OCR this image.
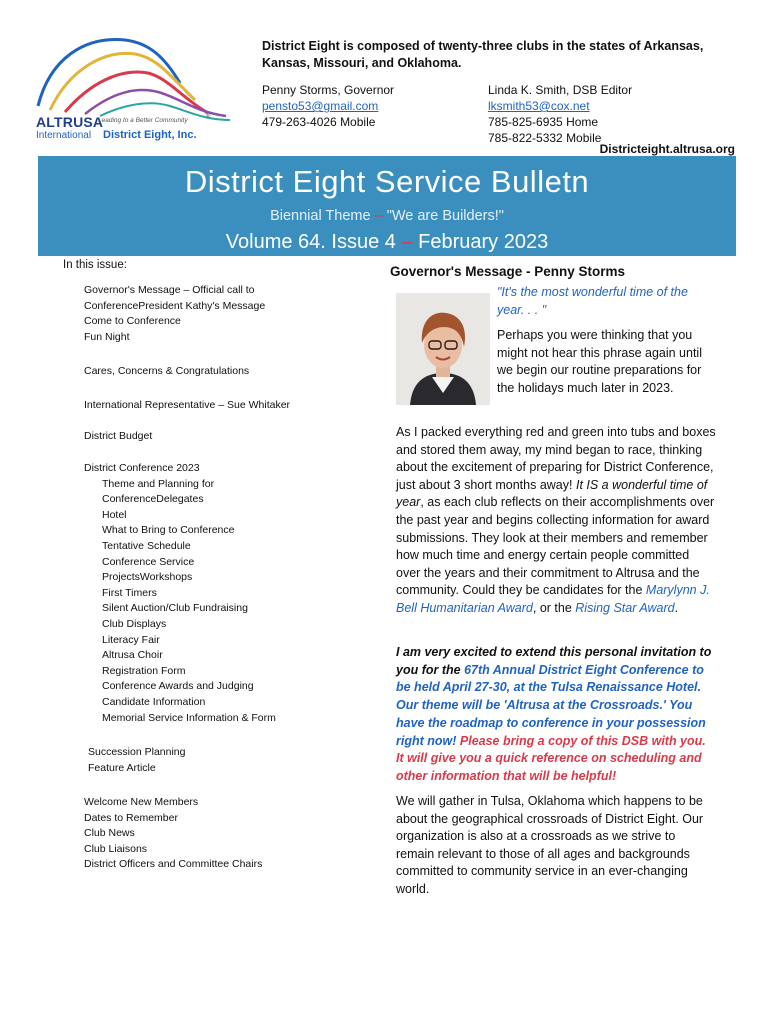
ALTRUSA
Leading to a Better Community	®
International District Eight, Inc.
District Eight is composed of twenty-three clubs in the states of Arkansas, Kansas, Missouri, and Oklahoma.
Penny Storms, Governor
pensto53@gmail.com
479-263-4026 Mobile
Linda K. Smith, DSB Editor
lksmith53@cox.net
785-825-6935 Home
785-822-5332 Mobile
Districteight.altrusa.org
District Eight Service Bulletn
Biennial Theme – "We are Builders!"
Volume 64. Issue 4 – February 2023
In this issue:
Governor's Message – Official call to
ConferencePresident Kathy's Message
Come to Conference
Fun Night
Cares, Concerns & Congratulations
International Representative – Sue Whitaker
District Budget
District Conference 2023
Theme and Planning for
ConferenceDelegates
Hotel
What to Bring to Conference
Tentative Schedule
Conference Service
ProjectsWorkshops
First Timers
Silent Auction/Club Fundraising
Club Displays
Literacy Fair
Altrusa Choir
Registration Form
Conference Awards and Judging
Candidate Information
Memorial Service Information & Form
Succession Planning
Feature Article
Welcome New Members
Dates to Remember
Club News
Club Liaisons
District Officers and Committee Chairs
Governor's Message - Penny Storms
"It's the most wonderful time of the year. . . "
Perhaps you were thinking that you might not hear this phrase again until we begin our routine preparations for the holidays much later in 2023.
As I packed everything red and green into tubs and boxes and stored them away, my mind began to race, thinking about the excitement of preparing for District Conference, just about 3 short months away! It IS a wonderful time of year, as each club reflects on their accomplishments over the past year and begins collecting information for award submissions. They look at their members and remember how much time and energy certain people committed over the years and their commitment to Altrusa and the community. Could they be candidates for the Marylynn J. Bell Humanitarian Award, or the Rising Star Award.
I am very excited to extend this personal invitation to you for the 67th Annual District Eight Conference to be held April 27-30, at the Tulsa Renaissance Hotel. Our theme will be 'Altrusa at the Crossroads.' You have the roadmap to conference in your possession right now! Please bring a copy of this DSB with you. It will give you a quick reference on scheduling and other information that will be helpful!
We will gather in Tulsa, Oklahoma which happens to be about the geographical crossroads of District Eight. Our organization is also at a crossroads as we strive to remain relevant to those of all ages and backgrounds committed to community service in an ever-changing world.
